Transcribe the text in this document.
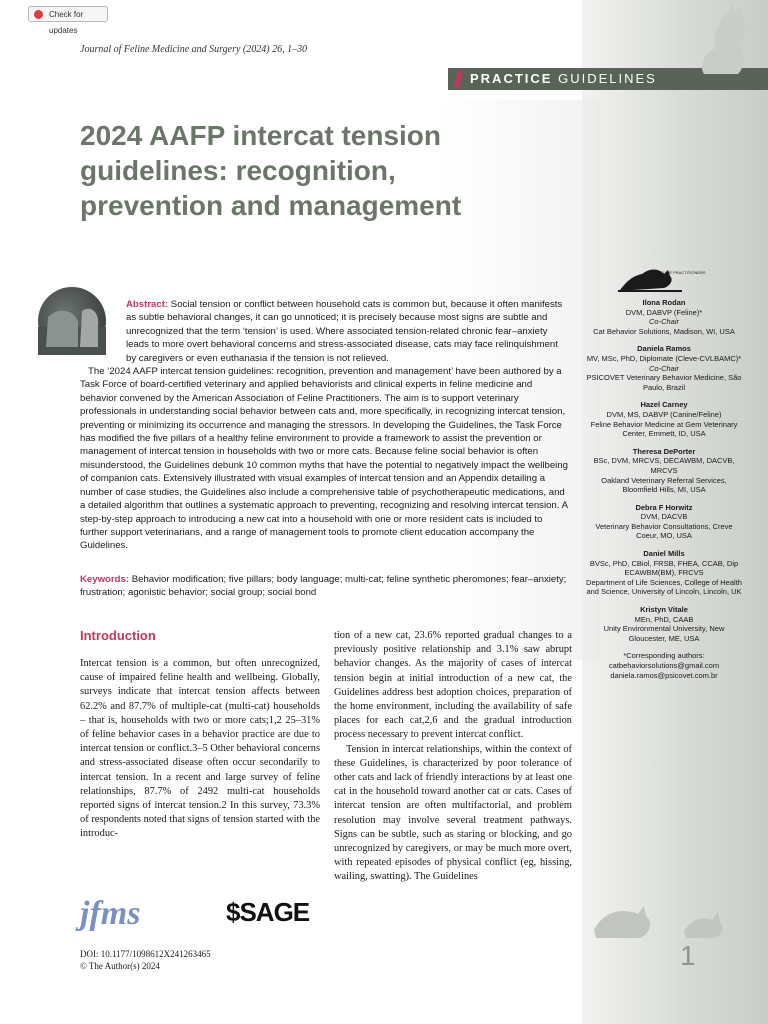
Check for updates
Journal of Feline Medicine and Surgery (2024) 26, 1–30
PRACTICE GUIDELINES
2024 AAFP intercat tension guidelines: recognition, prevention and management
FELINE PRACTITIONERS

Abstract: Social tension or conflict between household cats is common but, because it often manifests as subtle behavioral changes, it can go unnoticed; it is precisely because most signs are subtle and unrecognized that the term ‘tension’ is used. Where associated tension-related chronic fear–anxiety leads to more overt behavioral concerns and stress-associated disease, cats may face relinquishment by caregivers or even euthanasia if the tension is not relieved.

The ‘2024 AAFP intercat tension guidelines: recognition, prevention and management’ have been authored by a Task Force of board-certified veterinary and applied behaviorists and clinical experts in feline medicine and behavior convened by the American Association of Feline Practitioners. The aim is to support veterinary professionals in understanding social behavior between cats and, more specifically, in recognizing intercat tension, preventing or minimizing its occurrence and managing the stressors. In developing the Guidelines, the Task Force has modified the five pillars of a healthy feline environment to provide a framework to assist the prevention or management of intercat tension in households with two or more cats. Because feline social behavior is often misunderstood, the Guidelines debunk 10 common myths that have the potential to negatively impact the wellbeing of companion cats. Extensively illustrated with visual examples of intercat tension and an Appendix detailing a number of case studies, the Guidelines also include a comprehensive table of psychotherapeutic medications, and a detailed algorithm that outlines a systematic approach to preventing, recognizing and resolving intercat tension. A step-by-step approach to introducing a new cat into a household with one or more resident cats is included to further support veterinarians, and a range of management tools to promote client education accompany the Guidelines.

Keywords: Behavior modification; five pillars; body language; multi-cat; feline synthetic pheromones; fear–anxiety; frustration; agonistic behavior; social group; social bond
Ilona Rodan
DVM, DABVP (Feline)*
Co-Chair
Cat Behavior Solutions, Madison, WI, USA
Daniela Ramos
MV, MSc, PhD, Diplomate (Cleve-CVLBAMC)*
Co-Chair
PSICOVET Veterinary Behavior Medicine, São Paulo, Brazil
Hazel Carney
DVM, MS, DABVP (Canine/Feline)
Feline Behavior Medicine at Gem Veterinary Center, Emmett, ID, USA
Theresa DePorter
BSc, DVM, MRCVS, DECAWBM, DACVB, MRCVS
Oakland Veterinary Referral Services, Bloomfield Hills, MI, USA
Debra F Horwitz
DVM, DACVB
Veterinary Behavior Consultations, Creve Coeur, MO, USA
Daniel Mills
BVSc, PhD, CBiol, FRSB, FHEA, CCAB, Dip ECAWBM(BM), FRCVS
Department of Life Sciences, College of Health and Science, University of Lincoln, Lincoln, UK
Kristyn Vitale
MEn, PhD, CAAB
Unity Environmental University, New Gloucester, ME, USA
*Corresponding authors: catbehaviorsolutions@gmail.com daniela.ramos@psicovet.com.br
Introduction
Intercat tension is a common, but often unrecognized, cause of impaired feline health and wellbeing. Globally, surveys indicate that intercat tension affects between 62.2% and 87.7% of multiple-cat (multi-cat) households – that is, households with two or more cats;1,2 25–31% of feline behavior cases in a behavior practice are due to intercat tension or conflict.3–5 Other behavioral concerns and stress-associated disease often occur secondarily to intercat tension. In a recent and large survey of feline relationships, 87.7% of 2492 multi-cat households reported signs of intercat tension.2 In this survey, 73.3% of respondents noted that signs of tension started with the introduc-
tion of a new cat, 23.6% reported gradual changes to a previously positive relationship and 3.1% saw abrupt behavior changes. As the majority of cases of intercat tension begin at initial introduction of a new cat, the Guidelines address best adoption choices, preparation of the home environment, including the availability of safe places for each cat,2,6 and the gradual introduction process necessary to prevent intercat conflict.
Tension in intercat relationships, within the context of these Guidelines, is characterized by poor tolerance of other cats and lack of friendly interactions by at least one cat in the household toward another cat or cats. Cases of intercat tension are often multifactorial, and problem resolution may involve several treatment pathways. Signs can be subtle, such as staring or blocking, and go unrecognized by caregivers, or may be much more overt, with repeated episodes of physical conflict (eg, hissing, wailing, swatting). The Guidelines
jfms	$SAGE
DOI: 10.1177/1098612X241263465
© The Author(s) 2024	1
